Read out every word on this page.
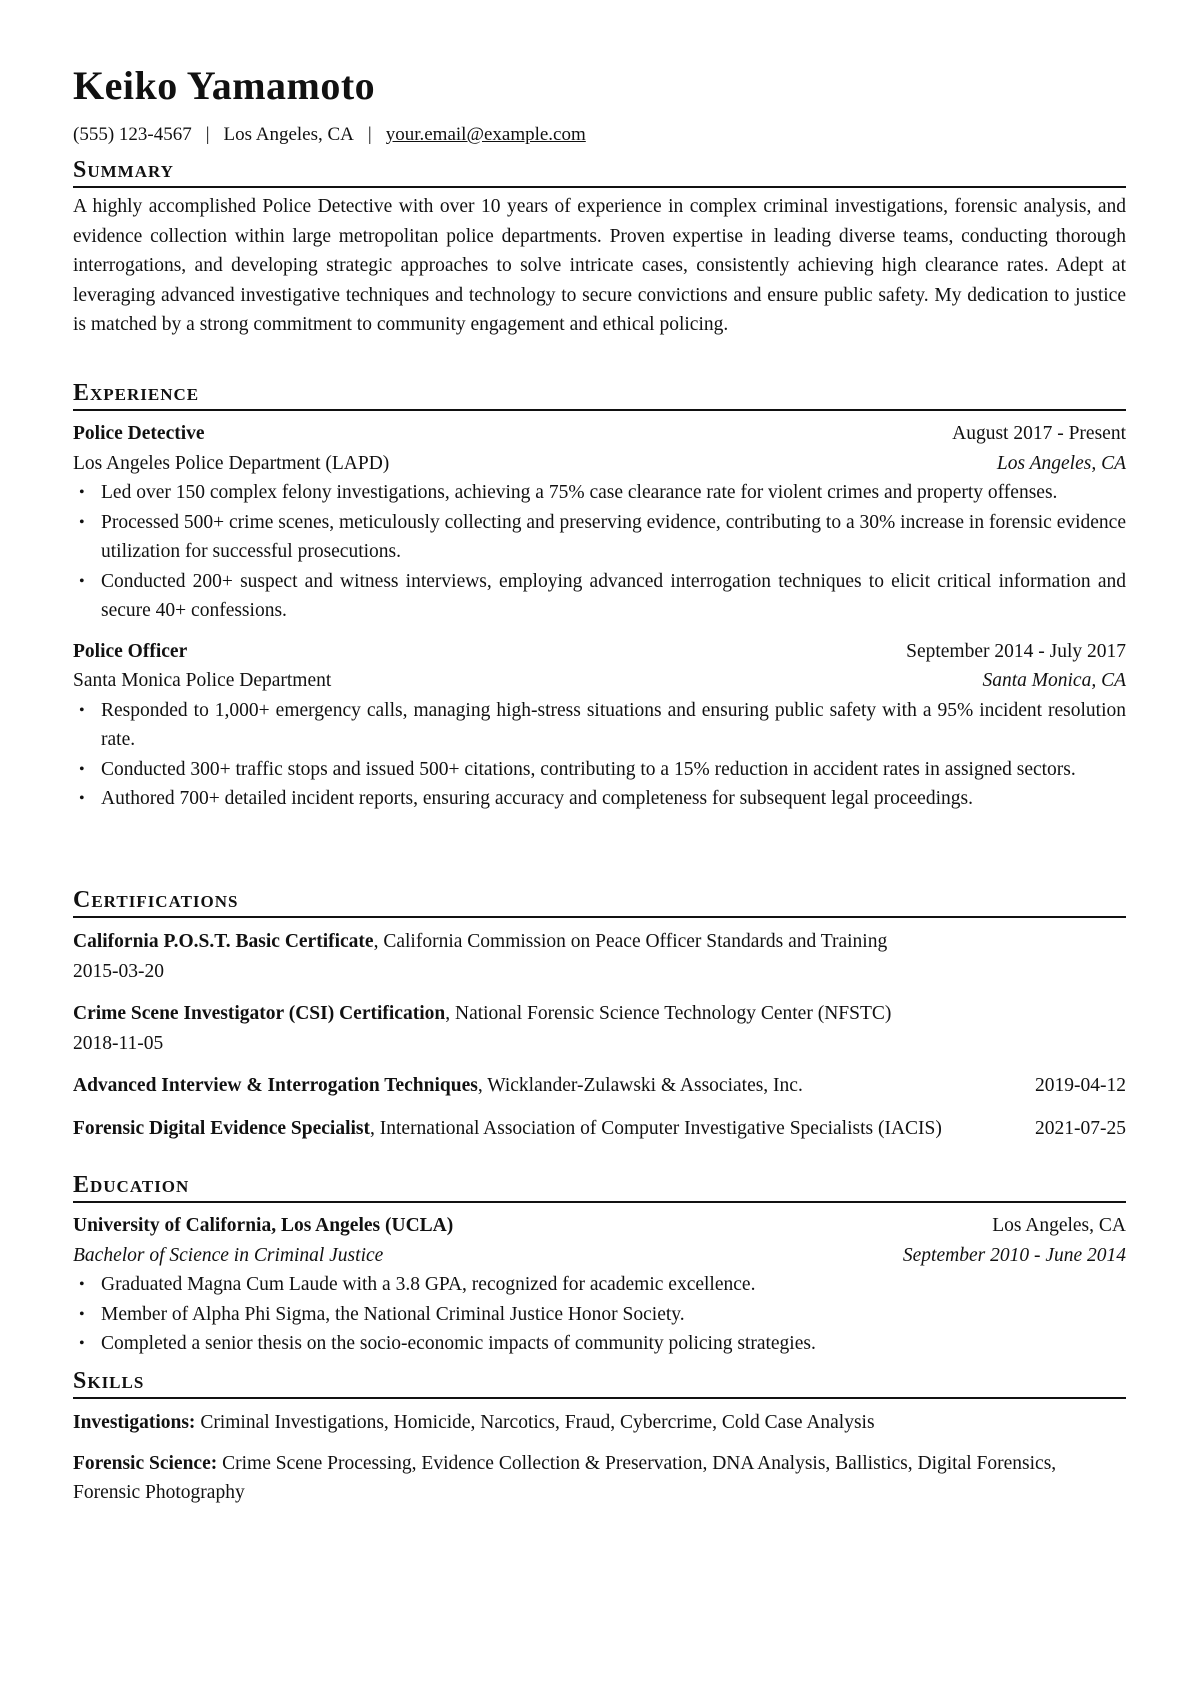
Keiko Yamamoto
(555) 123-4567 | Los Angeles, CA | your.email@example.com
Summary

A highly accomplished Police Detective with over 10 years of experience in complex criminal investigations, forensic analysis, and evidence collection within large metropolitan police departments. Proven expertise in leading diverse teams, conducting thorough interrogations, and developing strategic approaches to solve intricate cases, consistently achieving high clearance rates. Adept at leveraging advanced investigative techniques and technology to secure convictions and ensure public safety. My dedication to justice is matched by a strong commitment to community engagement and ethical policing.

Experience
Police Detective	August 2017 - Present
Los Angeles Police Department (LAPD)	Los Angeles, CA
• Led over 150 complex felony investigations, achieving a 75% case clearance rate for violent crimes and property offenses.
• Processed 500+ crime scenes, meticulously collecting and preserving evidence, contributing to a 30% increase in forensic evidence utilization for successful prosecutions.
• Conducted 200+ suspect and witness interviews, employing advanced interrogation techniques to elicit critical information and secure 40+ confessions.
Police Officer	September 2014 - July 2017
Santa Monica Police Department	Santa Monica, CA
• Responded to 1,000+ emergency calls, managing high-stress situations and ensuring public safety with a 95% incident resolution rate.
• Conducted 300+ traffic stops and issued 500+ citations, contributing to a 15% reduction in accident rates in assigned sectors.
• Authored 700+ detailed incident reports, ensuring accuracy and completeness for subsequent legal proceedings.
Certifications
California P.O.S.T. Basic Certificate, California Commission on Peace Officer Standards and Training
2015-03-20
Crime Scene Investigator (CSI) Certification, National Forensic Science Technology Center (NFSTC)
2018-11-05
Advanced Interview & Interrogation Techniques, Wicklander-Zulawski & Associates, Inc.	2019-04-12
Forensic Digital Evidence Specialist, International Association of Computer Investigative Specialists (IACIS)	2021-07-25
Education
University of California, Los Angeles (UCLA)	Los Angeles, CA
Bachelor of Science in Criminal Justice	September 2010 - June 2014
• Graduated Magna Cum Laude with a 3.8 GPA, recognized for academic excellence.
• Member of Alpha Phi Sigma, the National Criminal Justice Honor Society.
• Completed a senior thesis on the socio-economic impacts of community policing strategies.
Skills
Investigations: Criminal Investigations, Homicide, Narcotics, Fraud, Cybercrime, Cold Case Analysis
Forensic Science: Crime Scene Processing, Evidence Collection & Preservation, DNA Analysis, Ballistics, Digital Forensics, Forensic Photography
